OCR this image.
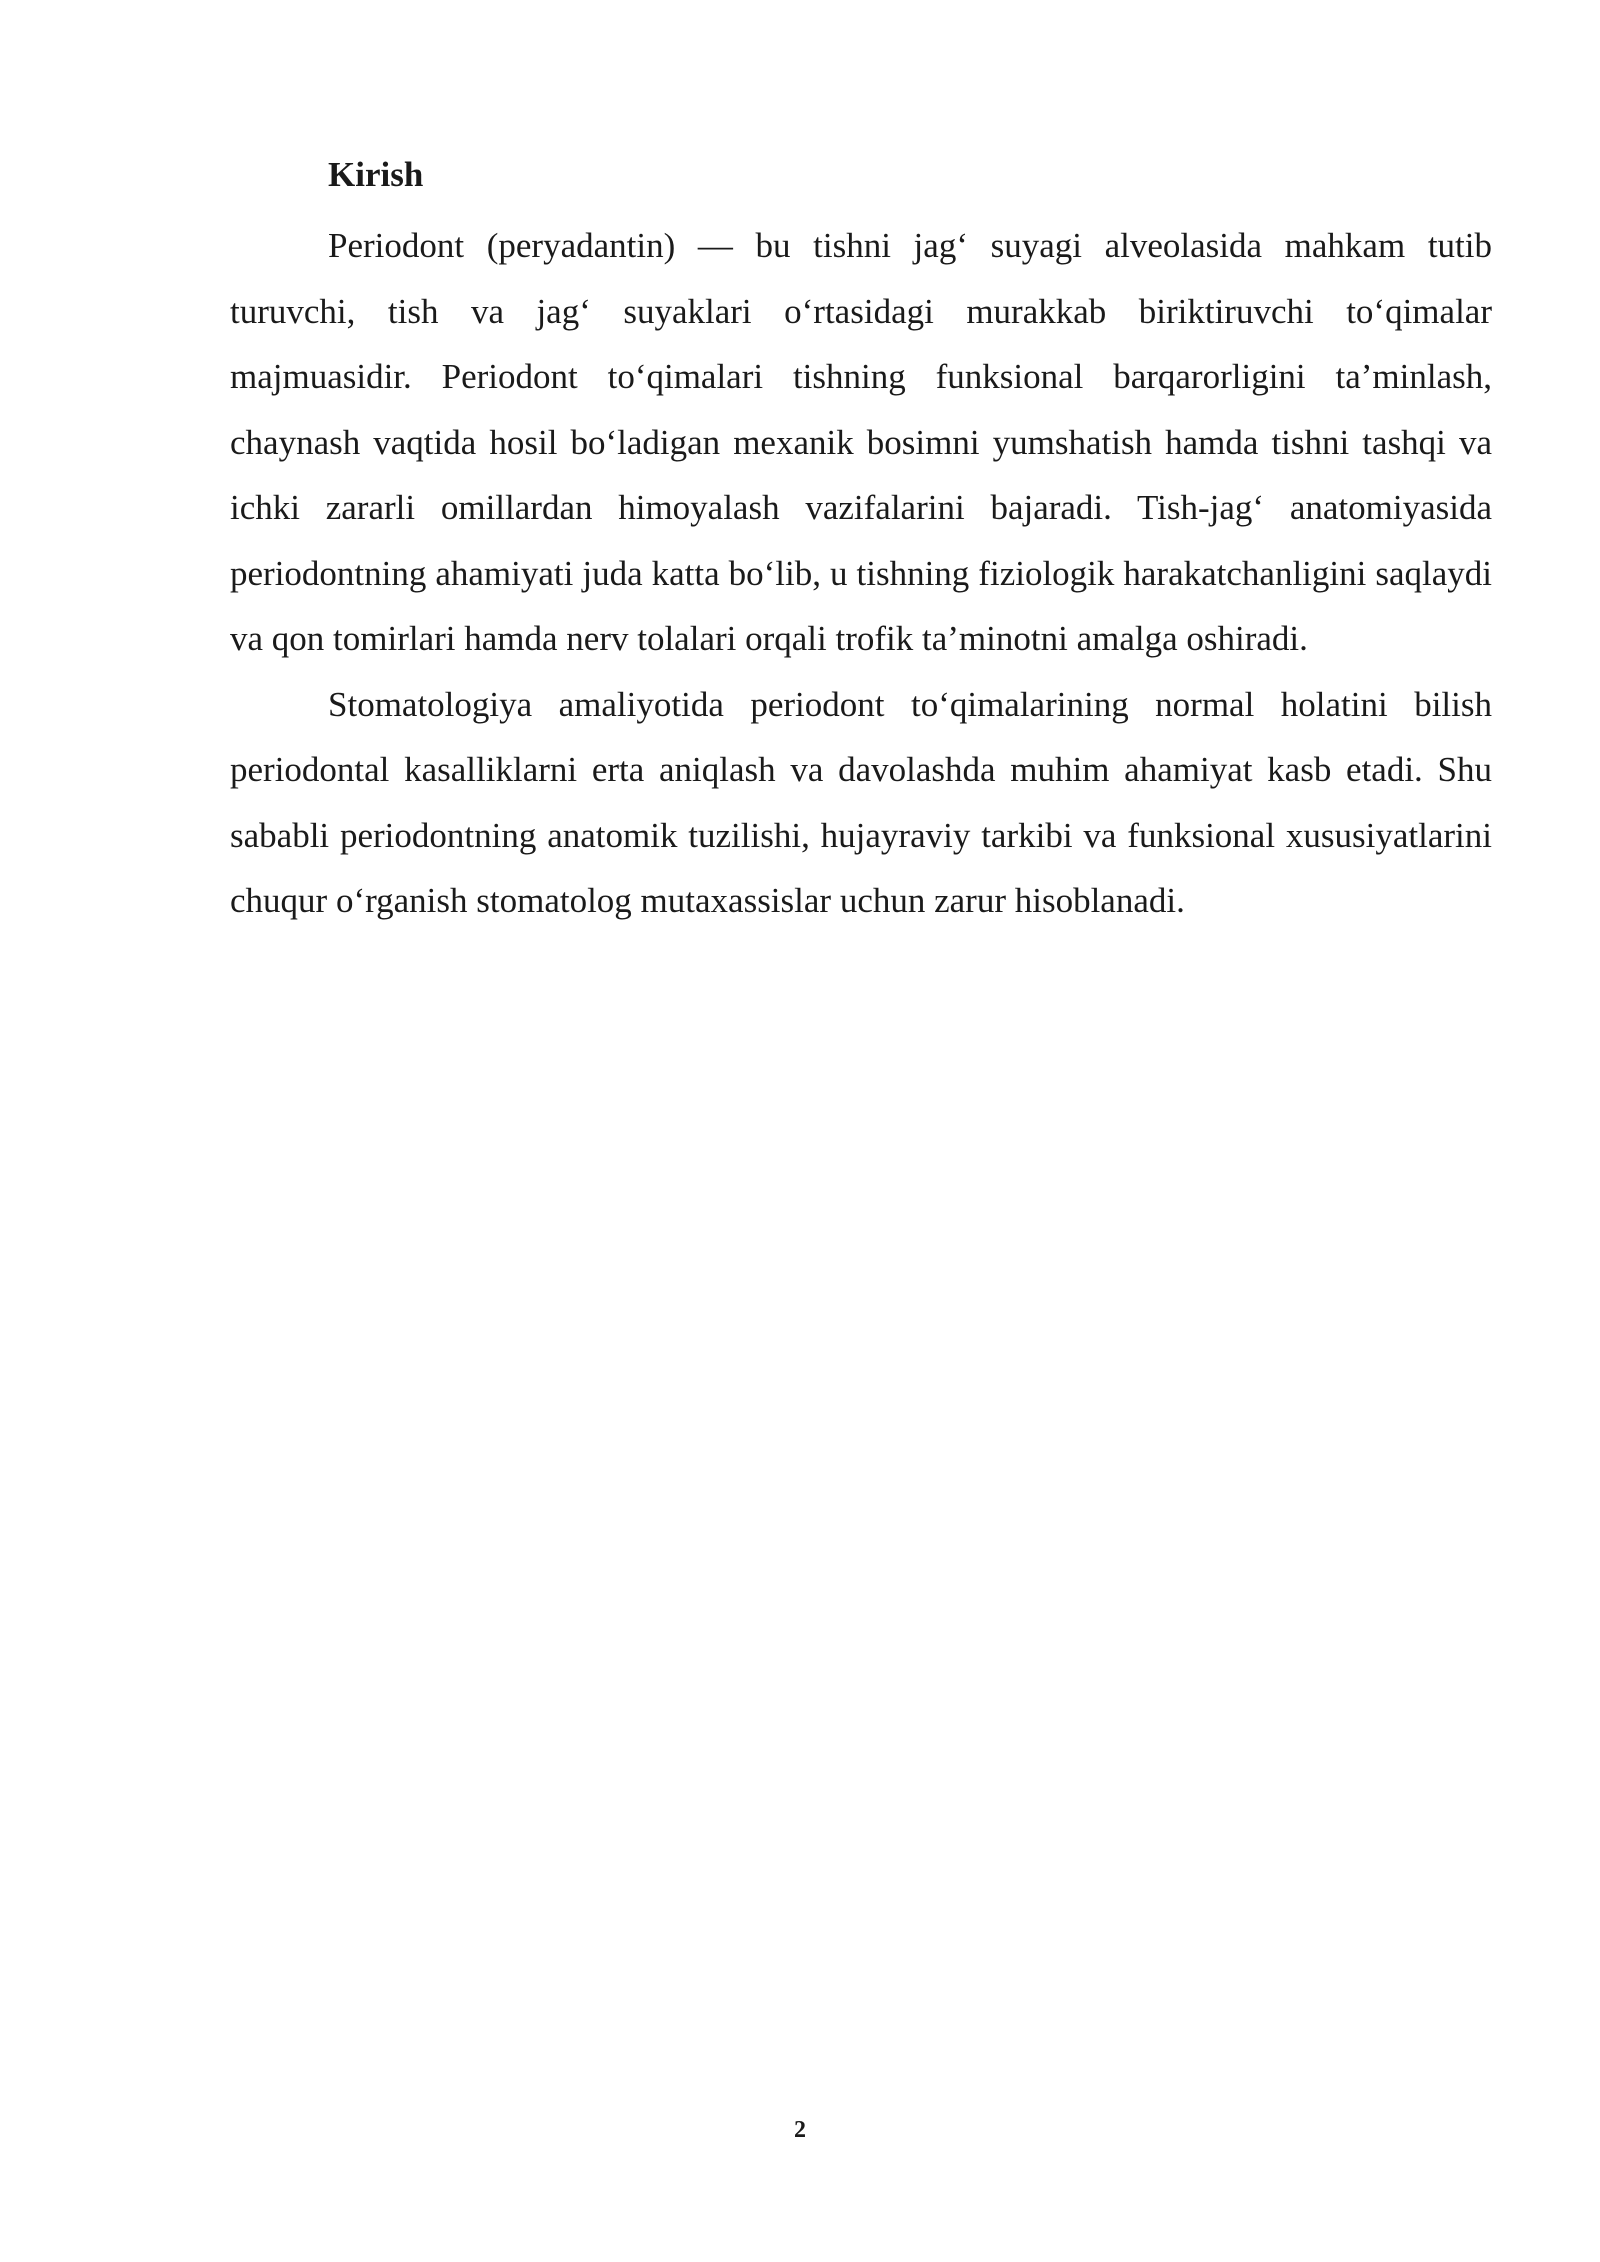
Kirish

Periodont (peryadantin) — bu tishni jag‘ suyagi alveolasida mahkam tutib turuvchi, tish va jag‘ suyaklari o‘rtasidagi murakkab biriktiruvchi to‘qimalar majmuasidir. Periodont to‘qimalari tishning funksional barqarorligini ta’minlash, chaynash vaqtida hosil bo‘ladigan mexanik bosimni yumshatish hamda tishni tashqi va ichki zararli omillardan himoyalash vazifalarini bajaradi. Tish-jag‘ anatomiyasida periodontning ahamiyati juda katta bo‘lib, u tishning fiziologik harakatchanligini saqlaydi va qon tomirlari hamda nerv tolalari orqali trofik ta’minotni amalga oshiradi.

Stomatologiya amaliyotida periodont to‘qimalarining normal holatini bilish periodontal kasalliklarni erta aniqlash va davolashda muhim ahamiyat kasb etadi. Shu sababli periodontning anatomik tuzilishi, hujayraviy tarkibi va funksional xususiyatlarini chuqur o‘rganish stomatolog mutaxassislar uchun zarur hisoblanadi.

2
